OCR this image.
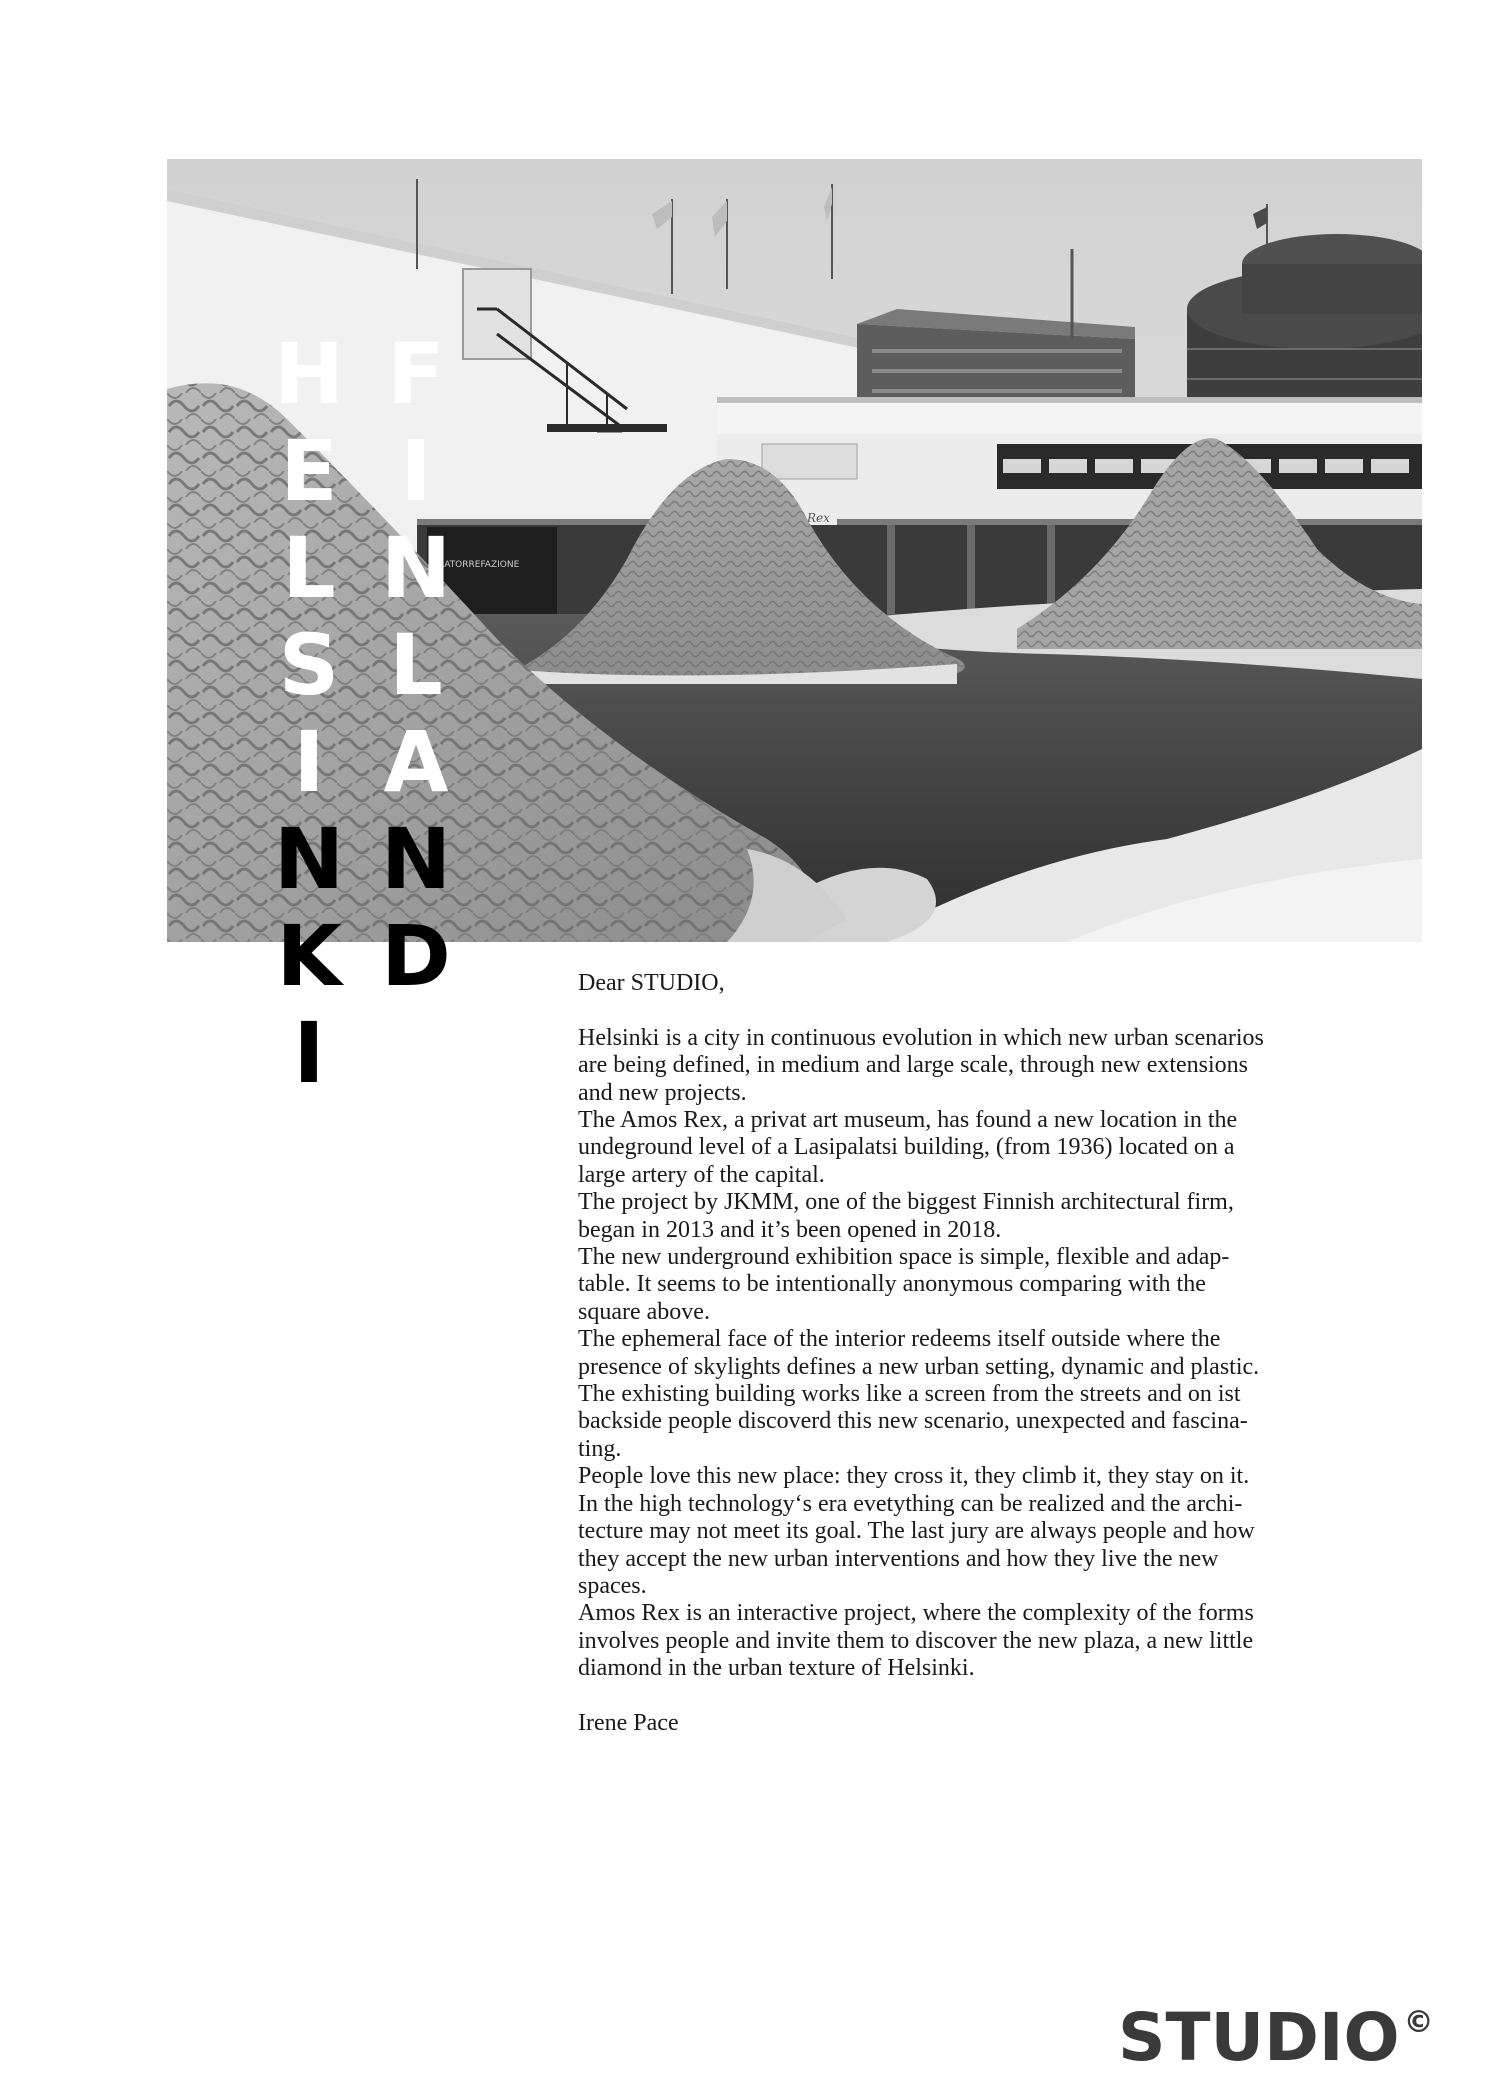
LATORREFAZIONE
Rex
H
E
L
S
I
N
K
I
F
I
N
L
A
N
D	Dear STUDIO,

Helsinki is a city in continuous evolution in which new urban scenarios

are being defined, in medium and large scale, through new extensions

and new projects.

The Amos Rex, a privat art museum, has found a new location in the

undeground level of a Lasipalatsi building, (from 1936) located on a

large artery of the capital.

The project by JKMM, one of the biggest Finnish architectural firm,

began in 2013 and it’s been opened in 2018.

The new underground exhibition space is simple, flexible and adap-

table. It seems to be intentionally anonymous comparing with the

square above.

The ephemeral face of the interior redeems itself outside where the

presence of skylights defines a new urban setting, dynamic and plastic.

The exhisting building works like a screen from the streets and on ist

backside people discoverd this new scenario, unexpected and fascina-

ting.

People love this new place: they cross it, they climb it, they stay on it.

In the high technology‘s era evetything can be realized and the archi-

tecture may not meet its goal. The last jury are always people and how

they accept the new urban interventions and how they live the new

spaces.

Amos Rex is an interactive project, where the complexity of the forms

involves people and invite them to discover the new plaza, a new little

diamond in the urban texture of Helsinki.

Irene Pace

STUDIO ©
